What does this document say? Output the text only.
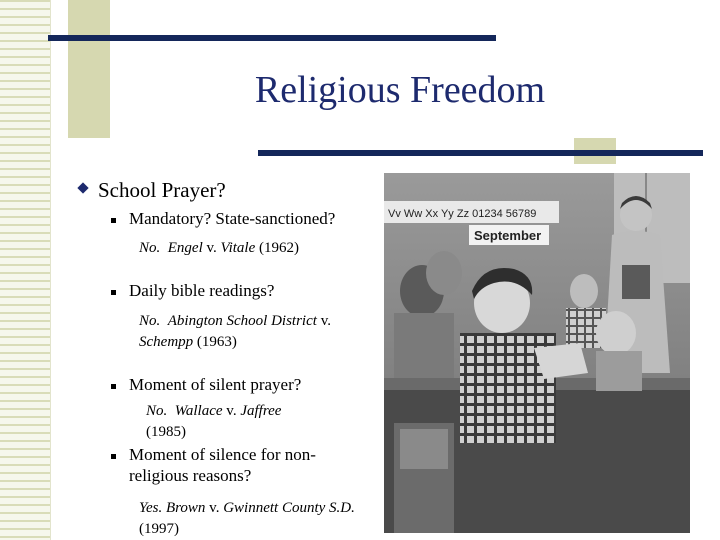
Religious Freedom
Vv Ww Xx Yy Zz 01234 56789
September
School Prayer?
Mandatory? State-sanctioned?
No. Engel v. Vitale (1962)
Daily bible readings?
No. Abington School District v.
Schempp (1963)
Moment of silent prayer?
No. Wallace v. Jaffree
(1985)
Moment of silence for non-
religious reasons?
Yes. Brown v. Gwinnett County S.D.
(1997)
